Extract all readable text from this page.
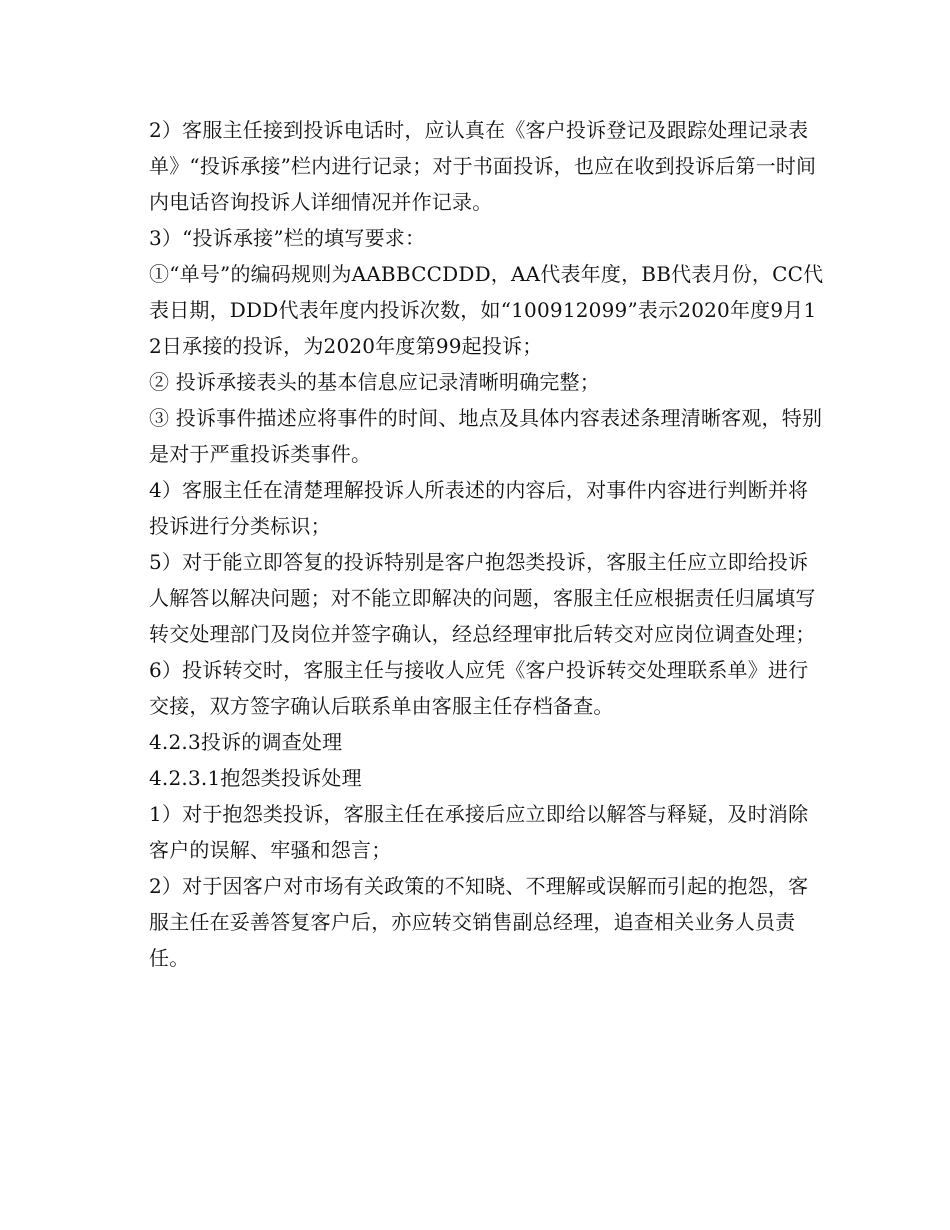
2）客服主任接到投诉电话时，应认真在《客户投诉登记及跟踪处理记录表单》“投诉承接”栏内进行记录；对于书面投诉，也应在收到投诉后第一时间内电话咨询投诉人详细情况并作记录。

3）“投诉承接”栏的填写要求：

①“单号”的编码规则为AABBCCDDD，AA代表年度，BB代表月份，CC代表日期，DDD代表年度内投诉次数，如“100912099”表示2020年度9月12日承接的投诉，为2020年度第99起投诉；

② 投诉承接表头的基本信息应记录清晰明确完整；

③ 投诉事件描述应将事件的时间、地点及具体内容表述条理清晰客观，特别是对于严重投诉类事件。

4）客服主任在清楚理解投诉人所表述的内容后，对事件内容进行判断并将

投诉进行分类标识；

5）对于能立即答复的投诉特别是客户抱怨类投诉，客服主任应立即给投诉

人解答以解决问题；对不能立即解决的问题，客服主任应根据责任归属填写转交处理部门及岗位并签字确认，经总经理审批后转交对应岗位调查处理；

6）投诉转交时，客服主任与接收人应凭《客户投诉转交处理联系单》进行

交接，双方签字确认后联系单由客服主任存档备查。

4.2.3投诉的调查处理

4.2.3.1抱怨类投诉处理

1）对于抱怨类投诉，客服主任在承接后应立即给以解答与释疑，及时消除客户的误解、牢骚和怨言；

2）对于因客户对市场有关政策的不知晓、不理解或误解而引起的抱怨，客服主任在妥善答复客户后，亦应转交销售副总经理，追查相关业务人员责任。
